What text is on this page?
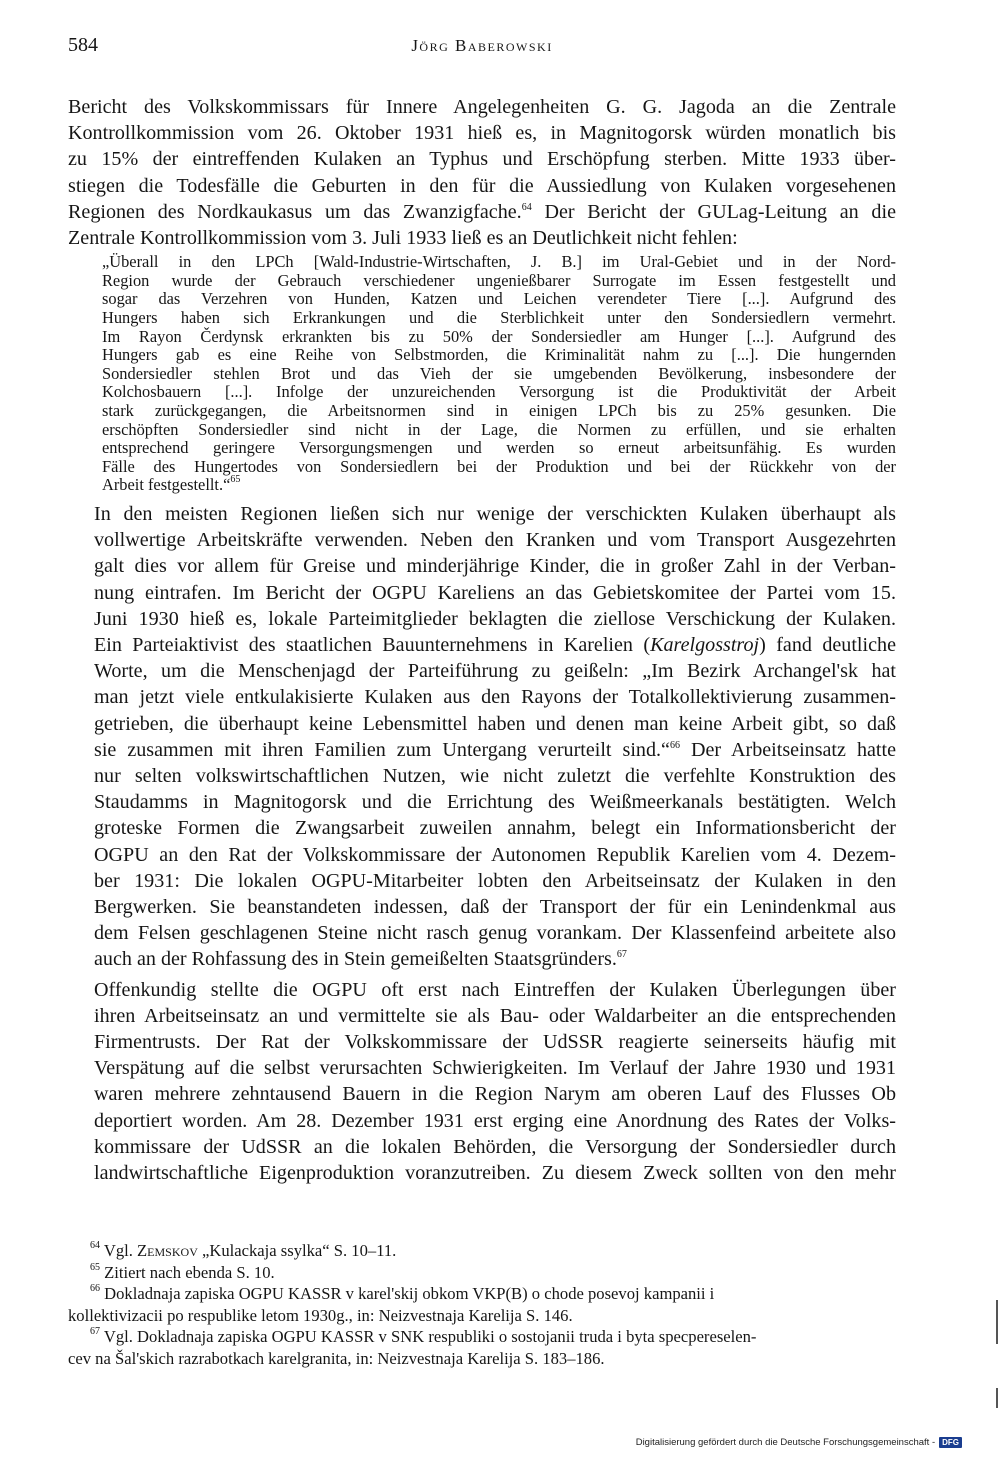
584	Jörg Baberowski
Bericht des Volkskommissars für Innere Angelegenheiten G. G. Jagoda an die Zentrale
Kontrollkommission vom 26. Oktober 1931 hieß es, in Magnitogorsk würden monatlich bis
zu 15% der eintreffenden Kulaken an Typhus und Erschöpfung sterben. Mitte 1933 über-
stiegen die Todesfälle die Geburten in den für die Aussiedlung von Kulaken vorgesehenen
Regionen des Nordkaukasus um das Zwanzigfache.$^{64}$ Der Bericht der GULag-Leitung an die
Zentrale Kontrollkommission vom 3. Juli 1933 ließ es an Deutlichkeit nicht fehlen:
„Überall in den LPCh [Wald-Industrie-Wirtschaften, J. B.] im Ural-Gebiet und in der Nord-
Region wurde der Gebrauch verschiedener ungenießbarer Surrogate im Essen festgestellt und
sogar das Verzehren von Hunden, Katzen und Leichen verendeter Tiere [...]. Aufgrund des
Hungers haben sich Erkrankungen und die Sterblichkeit unter den Sondersiedlern vermehrt.
Im Rayon Čerdynsk erkrankten bis zu 50% der Sondersiedler am Hunger [...]. Aufgrund des
Hungers gab es eine Reihe von Selbstmorden, die Kriminalität nahm zu [...]. Die hungernden
Sondersiedler stehlen Brot und das Vieh der sie umgebenden Bevölkerung, insbesondere der
Kolchosbauern [...]. Infolge der unzureichenden Versorgung ist die Produktivität der Arbeit
stark zurückgegangen, die Arbeitsnormen sind in einigen LPCh bis zu 25% gesunken. Die
erschöpften Sondersiedler sind nicht in der Lage, die Normen zu erfüllen, und sie erhalten
entsprechend geringere Versorgungsmengen und werden so erneut arbeitsunfähig. Es wurden
Fälle des Hungertodes von Sondersiedlern bei der Produktion und bei der Rückkehr von der
Arbeit festgestellt.“$^{65}$
In den meisten Regionen ließen sich nur wenige der verschickten Kulaken überhaupt als
vollwertige Arbeitskräfte verwenden. Neben den Kranken und vom Transport Ausgezehrten
galt dies vor allem für Greise und minderjährige Kinder, die in großer Zahl in der Verban-
nung eintrafen. Im Bericht der OGPU Kareliens an das Gebietskomitee der Partei vom 15.
Juni 1930 hieß es, lokale Parteimitglieder beklagten die ziellose Verschickung der Kulaken.
Ein Parteiaktivist des staatlichen Bauunternehmens in Karelien (Karelgosstroj) fand deutliche
Worte, um die Menschenjagd der Parteiführung zu geißeln: „Im Bezirk Archangel'sk hat
man jetzt viele entkulakisierte Kulaken aus den Rayons der Totalkollektivierung zusammen-
getrieben, die überhaupt keine Lebensmittel haben und denen man keine Arbeit gibt, so daß
sie zusammen mit ihren Familien zum Untergang verurteilt sind.“$^{66}$ Der Arbeitseinsatz hatte
nur selten volkswirtschaftlichen Nutzen, wie nicht zuletzt die verfehlte Konstruktion des
Staudamms in Magnitogorsk und die Errichtung des Weißmeerkanals bestätigten. Welch
groteske Formen die Zwangsarbeit zuweilen annahm, belegt ein Informationsbericht der
OGPU an den Rat der Volkskommissare der Autonomen Republik Karelien vom 4. Dezem-
ber 1931: Die lokalen OGPU-Mitarbeiter lobten den Arbeitseinsatz der Kulaken in den
Bergwerken. Sie beanstandeten indessen, daß der Transport der für ein Lenindenkmal aus
dem Felsen geschlagenen Steine nicht rasch genug vorankam. Der Klassenfeind arbeitete also
auch an der Rohfassung des in Stein gemeißelten Staatsgründers.$^{67}$
Offenkundig stellte die OGPU oft erst nach Eintreffen der Kulaken Überlegungen über
ihren Arbeitseinsatz an und vermittelte sie als Bau- oder Waldarbeiter an die entsprechenden
Firmentrusts. Der Rat der Volkskommissare der UdSSR reagierte seinerseits häufig mit
Verspätung auf die selbst verursachten Schwierigkeiten. Im Verlauf der Jahre 1930 und 1931
waren mehrere zehntausend Bauern in die Region Narym am oberen Lauf des Flusses Ob
deportiert worden. Am 28. Dezember 1931 erst erging eine Anordnung des Rates der Volks-
kommissare der UdSSR an die lokalen Behörden, die Versorgung der Sondersiedler durch
landwirtschaftliche Eigenproduktion voranzutreiben. Zu diesem Zweck sollten von den mehr
$^{64}$ Vgl. Zemskov „Kulackaja ssylka“ S. 10–11.
$^{65}$ Zitiert nach ebenda S. 10.
$^{66}$ Dokladnaja zapiska OGPU KASSR v karel'skij obkom VKP(B) o chode posevoj kampanii i
kollektivizacii po respublike letom 1930g., in: Neizvestnaja Karelija S. 146.
$^{67}$ Vgl. Dokladnaja zapiska OGPU KASSR v SNK respubliki o sostojanii truda i byta specpereselen-
cev na Šal'skich razrabotkach karelgranita, in: Neizvestnaja Karelija S. 183–186.
Digitalisierung gefördert durch die Deutsche Forschungsgemeinschaft - DFG
